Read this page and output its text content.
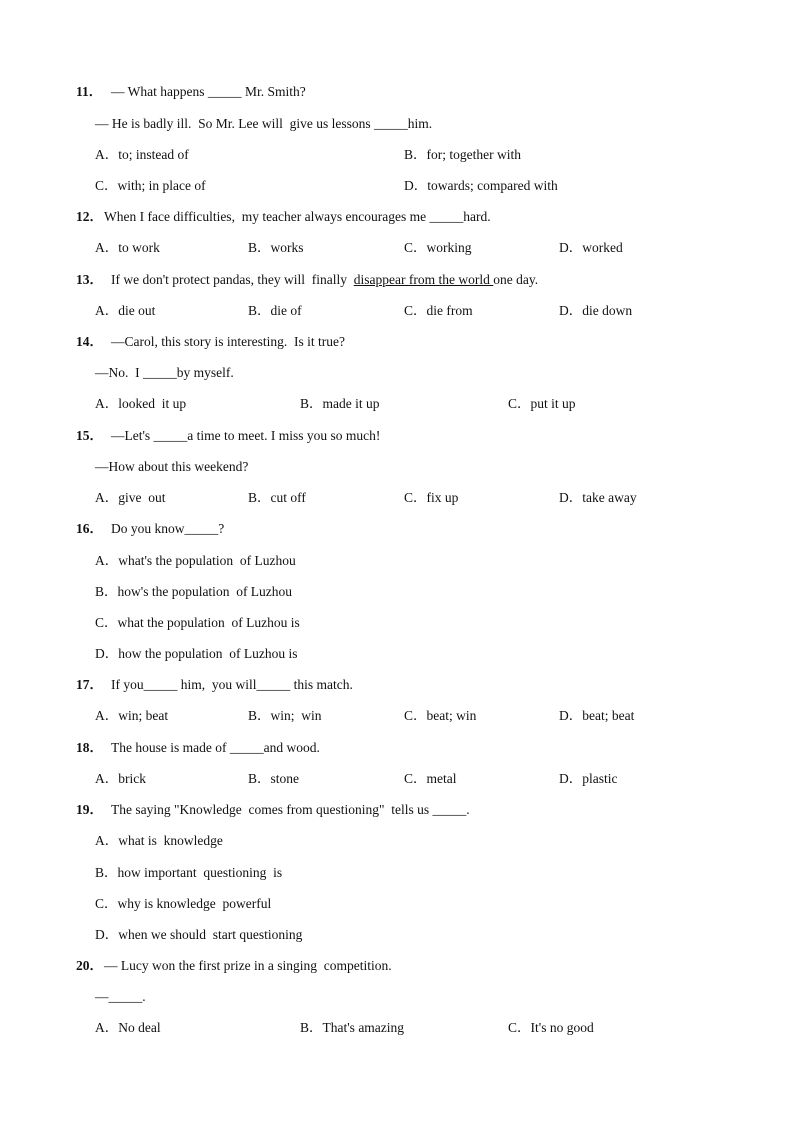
11． — What happens _____ Mr. Smith?
— He is badly ill.  So Mr. Lee will  give us lessons _____him.
A．to; instead of	B．for; together with
C．with; in place of	D．towards; compared with
12． When I face difficulties,  my teacher always encourages me _____hard.
A．to work	B．works	C．working	D．worked
13． If we don't protect pandas, they will  finally  disappear from the world one day.
A．die out	B．die of	C．die from	D．die down
14． —Carol, this story is interesting.  Is it true?
—No.  I _____by myself.
A．looked  it up	B．made it up	C．put it up
15． —Let's _____a time to meet. I miss you so much!
—How about this weekend?
A．give  out	B．cut off	C．fix up	D．take away
16． Do you know_____?
A．what's the population  of Luzhou
B．how's the population  of Luzhou
C．what the population  of Luzhou is
D．how the population  of Luzhou is
17． If you_____ him,  you will_____ this match.
A．win; beat	B．win;  win	C．beat; win	D．beat; beat
18． The house is made of _____and wood.
A．brick	B．stone	C．metal	D．plastic
19． The saying "Knowledge  comes from questioning"  tells us _____.
A．what is  knowledge
B．how important  questioning  is
C．why is knowledge  powerful
D．when we should  start questioning
20． — Lucy won the first prize in a singing  competition.
—_____.
A．No deal	B．That's amazing	C．It's no good
